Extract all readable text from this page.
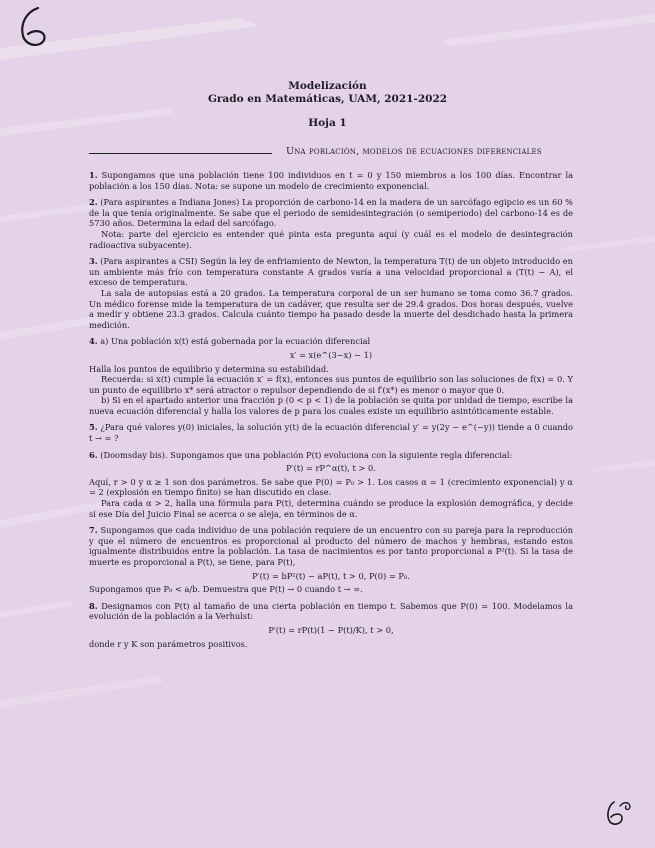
Modelización
Grado en Matemáticas, UAM, 2021-2022
Hoja 1
Una población, modelos de ecuaciones diferenciales

1. Supongamos que una población tiene 100 individuos en t = 0 y 150 miembros a los 100 días. Encontrar la población a los 150 días. Nota: se supone un modelo de crecimiento exponencial.

2. (Para aspirantes a Indiana Jones) La proporción de carbono-14 en la madera de un sarcófago egipcio es un 60 % de la que tenía originalmente. Se sabe que el periodo de semidesintegración (o semiperiodo) del carbono-14 es de 5730 años. Determina la edad del sarcófago.

Nota: parte del ejercicio es entender qué pinta esta pregunta aquí (y cuál es el modelo de desintegración radioactiva subyacente).

3. (Para aspirantes a CSI) Según la ley de enfriamiento de Newton, la temperatura T(t) de un objeto introducido en un ambiente más frío con temperatura constante A grados varía a una velocidad proporcional a (T(t) − A), el exceso de temperatura.

La sala de autopsias está a 20 grados. La temperatura corporal de un ser humano se toma como 36.7 grados. Un médico forense mide la temperatura de un cadáver, que resulta ser de 29.4 grados. Dos horas después, vuelve a medir y obtiene 23.3 grados. Calcula cuánto tiempo ha pasado desde la muerte del desdichado hasta la primera medición.

4. a) Una población x(t) está gobernada por la ecuación diferencial

x′ = x(e^(3−x) − 1)

Halla los puntos de equilibrio y determina su estabilidad.

Recuerda: si x(t) cumple la ecuación x′ = f(x), entonces sus puntos de equilibrio son las soluciones de f(x) = 0. Y un punto de equilibrio x* será atractor o repulsor dependiendo de si f′(x*) es menor o mayor que 0.

b) Si en el apartado anterior una fracción p (0 < p < 1) de la población se quita por unidad de tiempo, escribe la nueva ecuación diferencial y halla los valores de p para los cuales existe un equilibrio asintóticamente estable.

5. ¿Para qué valores y(0) iniciales, la solución y(t) de la ecuación diferencial y′ = y(2y − e^(−y)) tiende a 0 cuando t → ∞ ?

6. (Doomsday bis). Supongamos que una población P(t) evoluciona con la siguiente regla diferencial:

P′(t) = rP^α(t), t > 0.

Aquí, r > 0 y α ≥ 1 son dos parámetros. Se sabe que P(0) = P₀ > 1. Los casos α = 1 (crecimiento exponencial) y α = 2 (explosión en tiempo finito) se han discutido en clase.

Para cada α > 2, halla una fórmula para P(t), determina cuándo se produce la explosión demográfica, y decide si ese Día del Juicio Final se acerca o se aleja, en términos de α.

7. Supongamos que cada individuo de una población requiere de un encuentro con su pareja para la reproducción y que el número de encuentros es proporcional al producto del número de machos y hembras, estando estos igualmente distribuidos entre la población. La tasa de nacimientos es por tanto proporcional a P²(t). Si la tasa de muerte es proporcional a P(t), se tiene, para P(t),

P′(t) = bP²(t) − aP(t), t > 0, P(0) = P₀.

Supongamos que P₀ < a/b. Demuestra que P(t) → 0 cuando t → ∞.

8. Designamos con P(t) al tamaño de una cierta población en tiempo t. Sabemos que P(0) = 100. Modelamos la evolución de la población a la Verhulst:

P′(t) = rP(t)(1 − P(t)/K), t > 0,

donde r y K son parámetros positivos.
